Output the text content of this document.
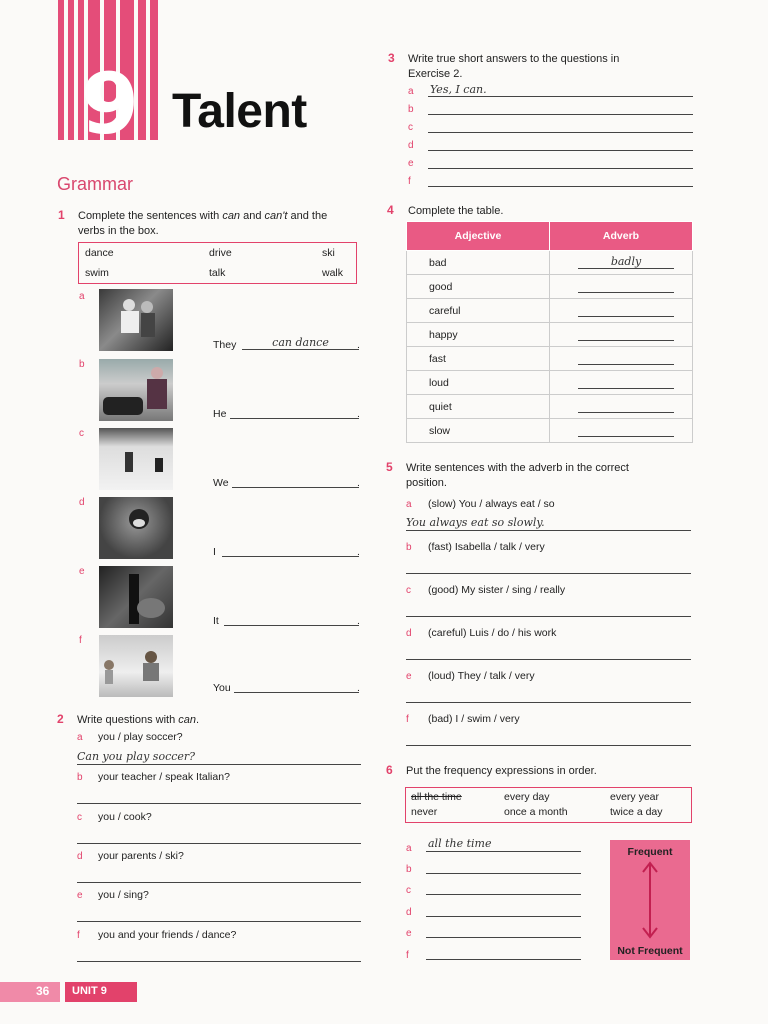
9 Talent
Grammar
1 Complete the sentences with can and can't and the
verbs in the box.
dance	drive	ski
swim	talk	walk
a
They	can dance	.
b
He	.
c
We	.
d
I	.
e
It	.
f
You	.
2 Write questions with can.
a you / play soccer?
Can you play soccer?
b your teacher / speak Italian?
c you / cook?
d your parents / ski?
e you / sing?
f you and your friends / dance?
3 Write true short answers to the questions in
Exercise 2.
a Yes, I can.
b
c
d
e
f
4 Complete the table.
Adjective	Adverb
bad	badly

good	

careful	

happy	

fast	

loud	

quiet	

slow	
5 Write sentences with the adverb in the correct
position.
a (slow) You / always eat / so
You always eat so slowly.
b (fast) Isabella / talk / very
c (good) My sister / sing / really
d (careful) Luis / do / his work
e (loud) They / talk / very
f (bad) I / swim / very
6 Put the frequency expressions in order.
all the time	every day	every year
never	once a month	twice a day
a all the time
b
c
d
e
f
Frequent
Not Frequent
36 UNIT 9
